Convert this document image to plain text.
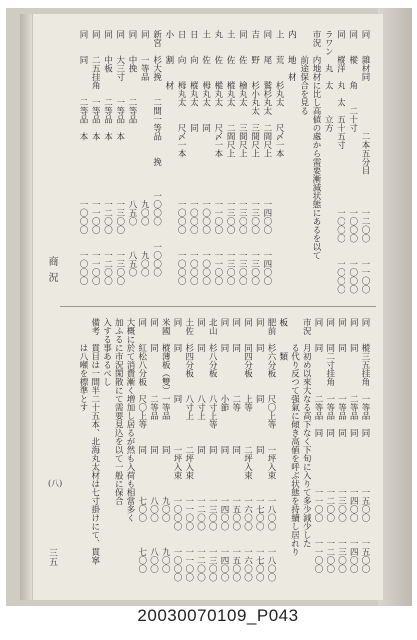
商況
(八)
三五
同　　雜材同　　　　　　二本五分目　　　　一二〇〇　　一一〇〇
同　　樅　　角　　二十寸　　　　　　　　　一〇〇〇　　一〇〇〇
同　　樅洋　丸　太　五十五寸　　　　　　　一〇〇〇　　一〇〇〇
ラワン　丸　太　　　立方
市況　内地材に比し高値の處から需要漸減状態にあるを以て
　　　前途保合を見る
内　　地　材
上　　荒　　杉丸太　　尺〆一本
同　　尾　　鷲杉丸太　二間尺上　　　　　一四〇〇　　一四〇〇
吉　　野　　杉小丸太　三間尺上　　　　　一三〇〇　　一三〇〇
同　　佐　　檜丸太　　三間尺上　　　　　一三〇〇　　一三〇〇
土　　佐　　樅丸太　　二間尺上　　　　　一三〇〇　　一三〇〇
丸　　佐　　樅丸太　　尺〆一本　　　　　一一〇〇　　一一〇〇
土　　佐　　栂丸太　　同　　　　　　　　一〇〇〇　　一〇〇〇
日　　向　　樅丸太　　同　　　　　　　　一〇〇〇　　一〇〇〇
日　　向　　栂丸太　　尺〆一本　　　　　一〇〇〇　　一〇〇〇
小　　割　　材
新宮　杉大挽　　二間一等品　　挽　　　一〇〇〇　　一〇〇〇
同　　一等品　　　　　　　　　　　　　　九〇〇　　　九〇〇
同　　中挽　　　二等品　　　　　　　　　八五〇　　　八五〇
同　　大三寸　　一等品　本　　　　　　　一三〇〇　　一三〇〇
同　　中板　　　二等品　本　　　　　　　一二〇〇　　一二〇〇
同　　二五挂角　一等品　本　　　　　　　一一〇〇　　一一〇〇
同　　同　　　　二等品　本　　　　　　　一〇〇〇　　一〇〇〇
同　　樅三五挂角　一等品　同　　　　　　一五〇〇　　一五〇〇
同　　同　　　　　二等品　同　　　　　　一四〇〇　　一四〇〇
同　　同　　　　　一等品　同　　　　　　一三〇〇　　一三〇〇
同　　同二寸挂角　一等品　同　　　　　　一二〇〇　　一二〇〇
同　　同　　　　　二等品　同　　　　　　一一〇〇　　一一〇〇
市況　月初め以來大なる高下なく下旬に入りて多少減少した
　　　る代り反つて强氣に傾き高値を呼ぶ状態を持續し居れり
板　　　類
肥前　杉六分板　　尺〇上等　　一坪入束　　一八〇〇　　一八〇〇
同　　同　　　　　同　　　　　同　　　　　一七〇〇　　一七〇〇
同　　同四分板　　上等　　　　二坪入束　　一六〇〇　　一六〇〇
同　　同　　　　　二等　　　　同　　　　　一五〇〇　　一五〇〇
同　　同　　　　　小節　　　　同　　　　　一四〇〇　　一四〇〇
北山　杉八分板　　八寸上等　　同　　　　　一三〇〇　　一三〇〇
同　　同　　　　　八寸上　　　同　　　　　一二〇〇　　一二〇〇
土佐　杉四分板　　八寸上　　　二坪入束　　一一〇〇　　一一〇〇
同　　同　　　　　同　　　　　一坪入束　　一〇〇〇　　一〇〇〇
米國　樅薄板（雙）一等品　　　同　　　　　九〇〇　　　九〇〇
同　　同　　　　　二等品　　　同　　　　　八〇〇　　　八〇〇
同　　紅松八分板　尺〇上等　　同　　　　　七〇〇　　　七〇〇
大概に於て消費漸く増加し居るが然も入荷も相當多く
加ふるに市況閑散にて需要見込を以て一般に保合
入する事あるべし
備考　貫目は一間半二十五本、北海丸太材は七寸掛けにて、貫寧
　　　は八噸を標準とす
20030070109_P043
